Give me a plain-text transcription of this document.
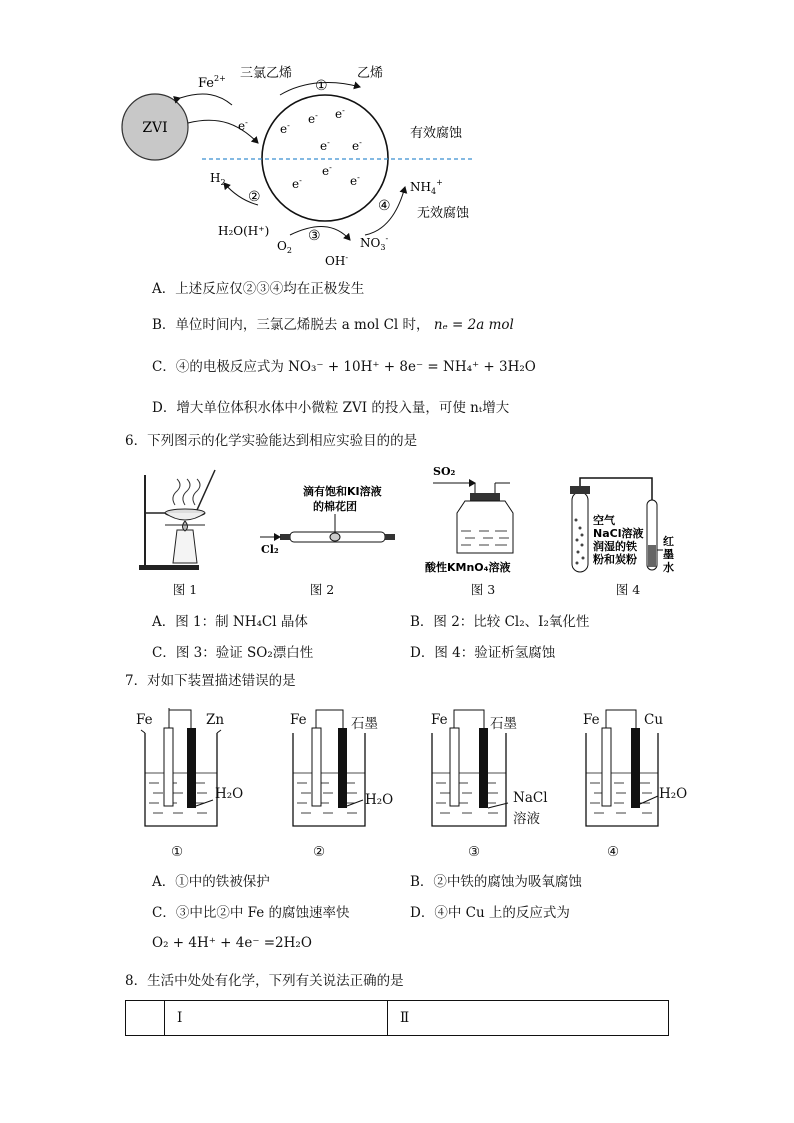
ZVI
$Fe^{2+}$
e-	e- e- e-
e- e-
e-
e-
e-
三氯乙烯	乙烯
①
有效腐蚀
无效腐蚀
$H_2$
②
H₂O(H⁺)
$O_2$
③
OH-
④
$NH_4^+$
$NO_3^-$
A．上述反应仅②③④均在正极发生
B．单位时间内，三氯乙烯脱去 a mol Cl 时， nₑ = 2a mol
C．④的电极反应式为 NO₃⁻ + 10H⁺ + 8e⁻ = NH₄⁺ + 3H₂O
D．增大单位体积水体中小微粒 ZVI 的投入量，可使 nₜ增大
6．下列图示的化学实验能达到相应实验目的的是
图 1
滴有饱和KI溶液
的棉花团
Cl₂
图 2
SO₂
酸性KMnO₄溶液
图 3
空气
NaCl溶液
润湿的铁
粉和炭粉
红
墨
水
图 4
A．图 1：制 NH₄Cl 晶体	B．图 2：比较 Cl₂、I₂氧化性
C．图 3：验证 SO₂漂白性	D．图 4：验证析氢腐蚀
7．对如下装置描述错误的是
Fe	Zn
H₂O
①
Fe	石墨
H₂O
②
Fe	石墨
NaCl
溶液
③
Fe	Cu
H₂O
④
A．①中的铁被保护	B．②中铁的腐蚀为吸氧腐蚀
C．③中比②中 Fe 的腐蚀速率快	D．④中 Cu 上的反应式为
O₂ + 4H⁺ + 4e⁻ =2H₂O
8．生活中处处有化学，下列有关说法正确的是
	Ⅰ	Ⅱ
